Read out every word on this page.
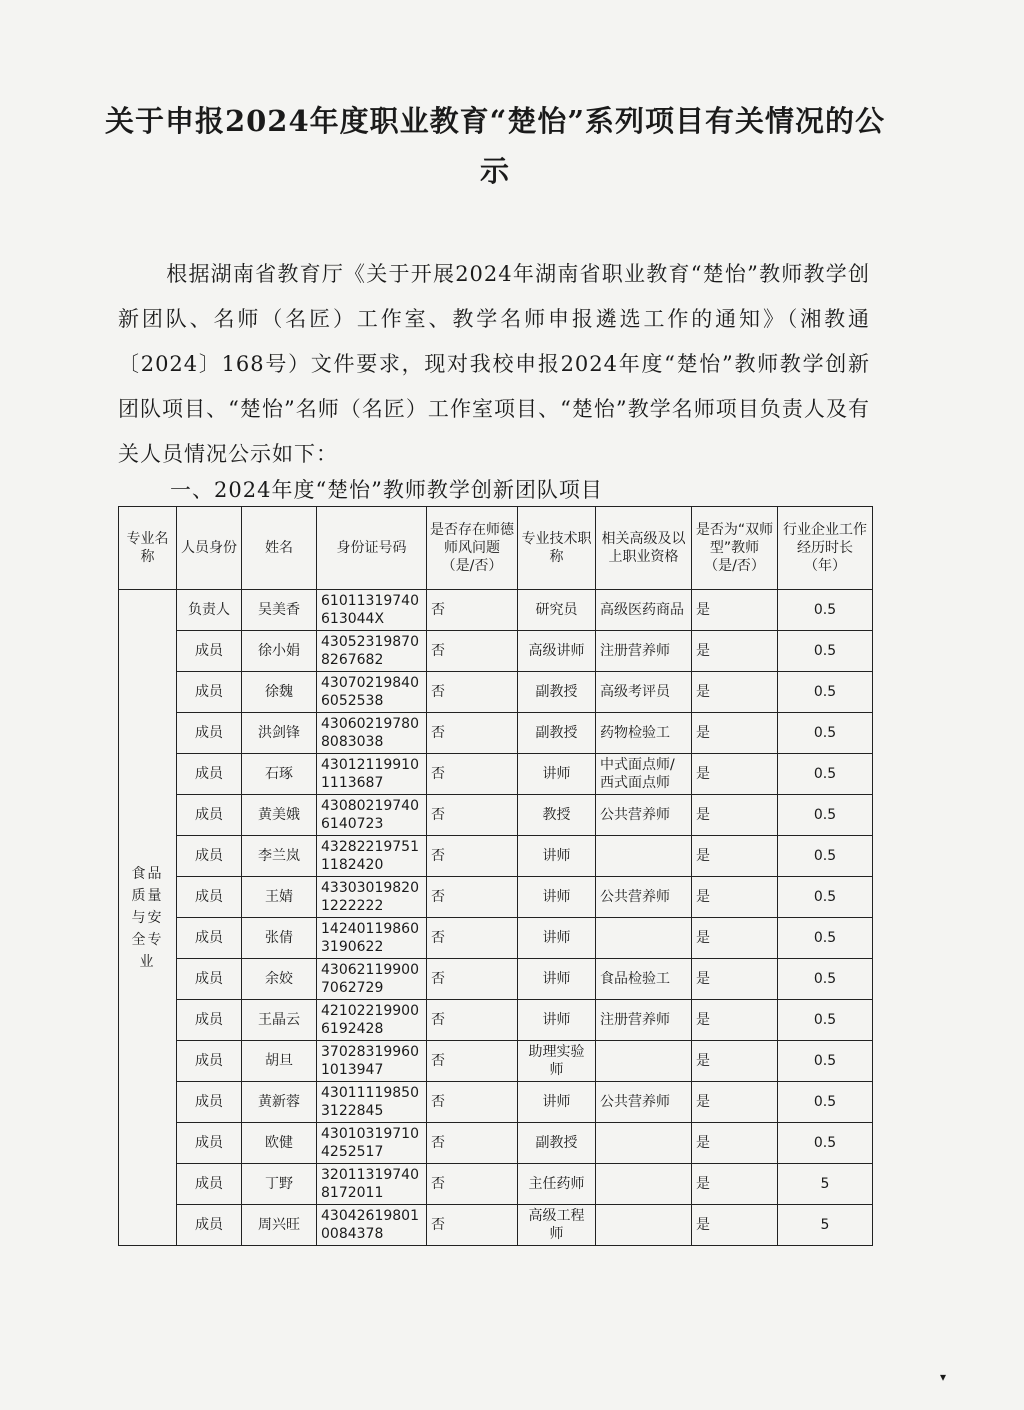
关于申报2024年度职业教育“楚怡”系列项目有关情况的公示
根据湖南省教育厅《关于开展2024年湖南省职业教育“楚怡”教师教学创新团队、名师（名匠）工作室、教学名师申报遴选工作的通知》（湘教通〔2024〕168号）文件要求，现对我校申报2024年度“楚怡”教师教学创新团队项目、“楚怡”名师（名匠）工作室项目、“楚怡”教学名师项目负责人及有关人员情况公示如下：
一、2024年度“楚怡”教师教学创新团队项目
专业名称	人员身份	姓名	身份证号码	是否存在师德师风问题（是/否）	专业技术职称	相关高级及以上职业资格	是否为“双师型”教师（是/否）	行业企业工作经历时长（年）

食品质量与安全专业	负责人	吴美香	61011319740613044X	否	研究员	高级医药商品	是	0.5
	成员	徐小娟	430523198708267682	否	高级讲师	注册营养师	是	0.5
	成员	徐魏	430702198406052538	否	副教授	高级考评员	是	0.5
	成员	洪剑锋	430602197808083038	否	副教授	药物检验工	是	0.5
	成员	石琢	430121199101113687	否	讲师	中式面点师/西式面点师	是	0.5
	成员	黄美娥	430802197406140723	否	教授	公共营养师	是	0.5
	成员	李兰岚	432822197511182420	否	讲师		是	0.5
	成员	王婧	433030198201222222	否	讲师	公共营养师	是	0.5
	成员	张倩	142401198603190622	否	讲师		是	0.5
	成员	余姣	430621199007062729	否	讲师	食品检验工	是	0.5
	成员	王晶云	421022199006192428	否	讲师	注册营养师	是	0.5
	成员	胡旦	370283199601013947	否	助理实验师		是	0.5
	成员	黄新蓉	430111198503122845	否	讲师	公共营养师	是	0.5
	成员	欧健	430103197104252517	否	副教授		是	0.5
	成员	丁野	320113197408172011	否	主任药师		是	5
	成员	周兴旺	430426198010084378	否	高级工程师		是	5
▾
